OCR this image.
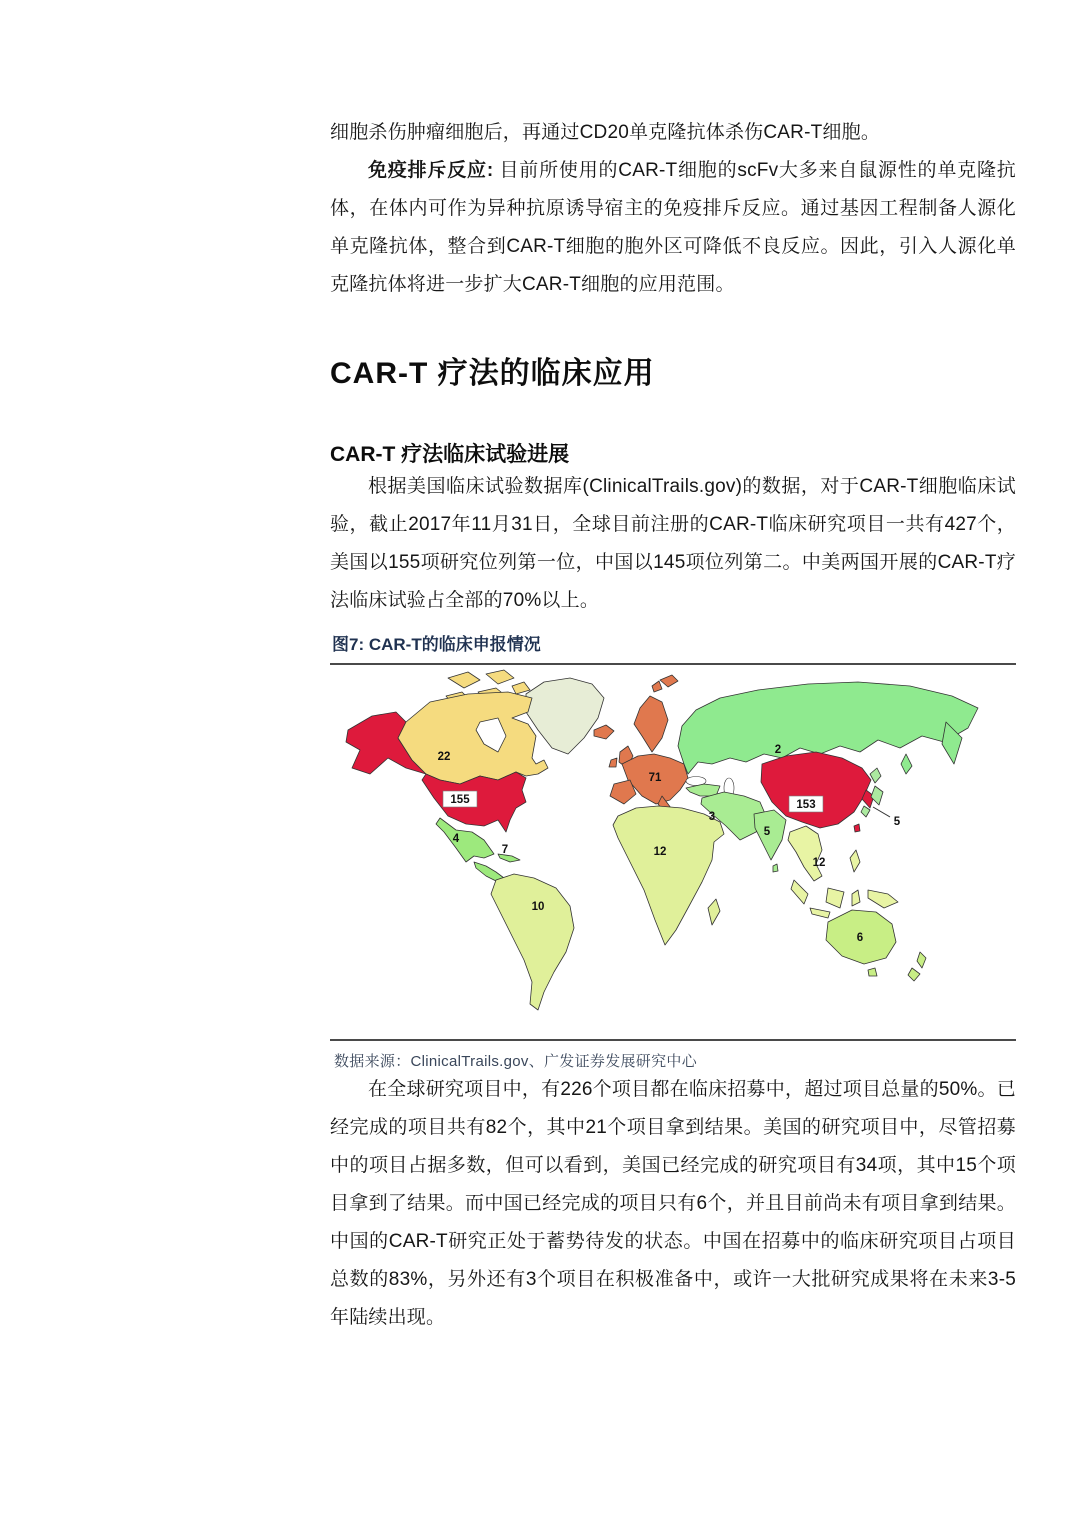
细胞杀伤肿瘤细胞后，再通过CD20单克隆抗体杀伤CAR-T细胞。

免疫排斥反应: 目前所使用的CAR-T细胞的scFv大多来自鼠源性的单克隆抗体，在体内可作为异种抗原诱导宿主的免疫排斥反应。通过基因工程制备人源化单克隆抗体，整合到CAR-T细胞的胞外区可降低不良反应。因此，引入人源化单克隆抗体将进一步扩大CAR-T细胞的应用范围。

CAR-T 疗法的临床应用
CAR-T 疗法临床试验进展

根据美国临床试验数据库(ClinicalTrails.gov)的数据，对于CAR-T细胞临床试验，截止2017年11月31日，全球目前注册的CAR-T临床研究项目一共有427个，美国以155项研究位列第一位，中国以145项位列第二。中美两国开展的CAR-T疗法临床试验占全部的70%以上。

图7: CAR-T的临床申报情况
22
155
4
7
10
71
2
3
5
153
12
12
5
6
数据来源：ClinicalTrails.gov、广发证券发展研究中心

在全球研究项目中，有226个项目都在临床招募中，超过项目总量的50%。已经完成的项目共有82个，其中21个项目拿到结果。美国的研究项目中，尽管招募中的项目占据多数，但可以看到，美国已经完成的研究项目有34项，其中15个项目拿到了结果。而中国已经完成的项目只有6个，并且目前尚未有项目拿到结果。中国的CAR-T研究正处于蓄势待发的状态。中国在招募中的临床研究项目占项目总数的83%，另外还有3个项目在积极准备中，或许一大批研究成果将在未来3-5年陆续出现。
